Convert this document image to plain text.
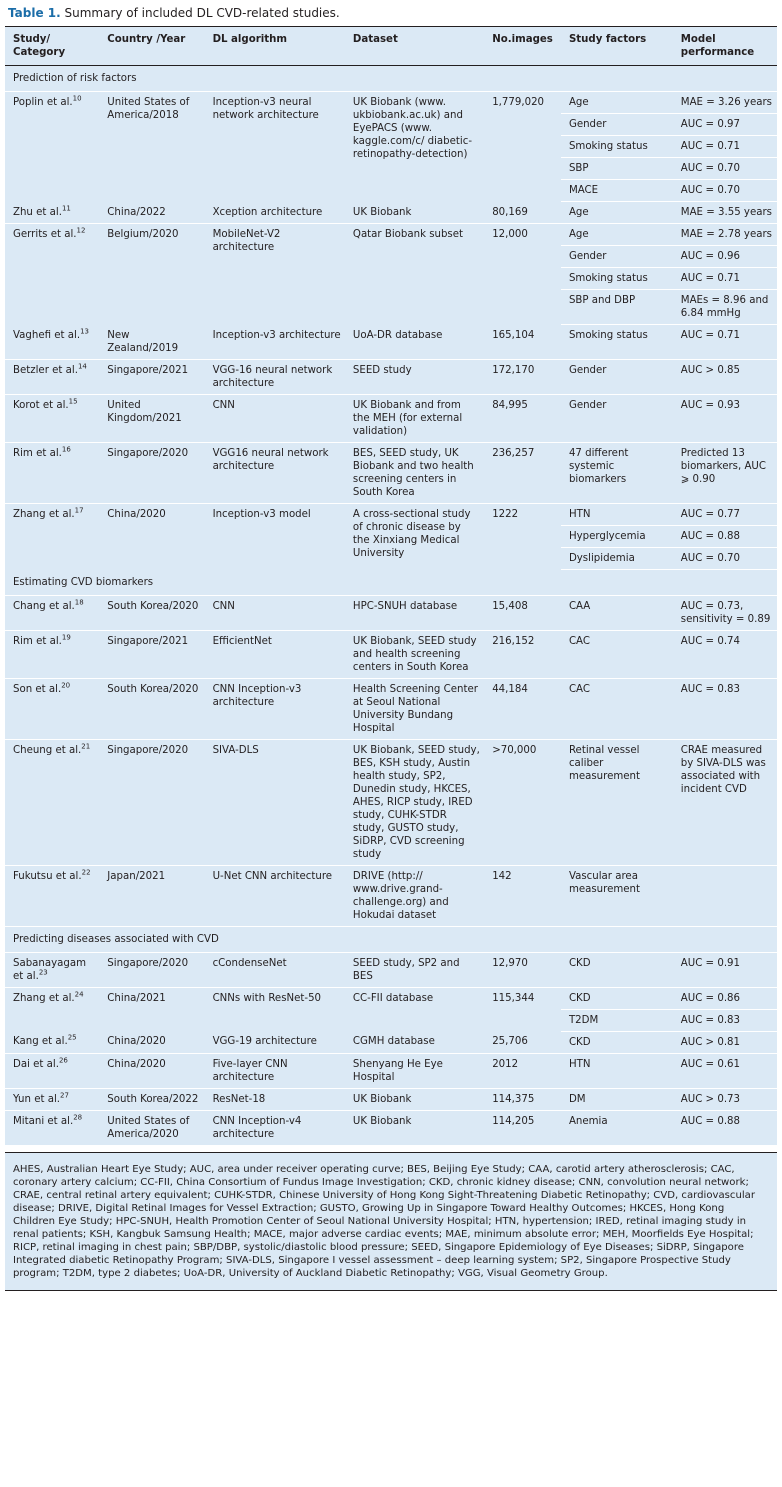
Table 1. Summary of included DL CVD-related studies.
Study/ Category	Country /Year	DL algorithm	Dataset	No.images	Study factors	Model performance
Prediction of risk factors						
Poplin et al.$^{10}$	United States of America/2018	Inception-v3 neural network architecture	UK Biobank (www. ukbiobank.ac.uk) and EyePACS (www. kaggle.com/c/ diabetic-retinopathy-detection)	1,779,020	Age	MAE = 3.26 years
					Gender	AUC = 0.97
					Smoking status	AUC = 0.71
					SBP	AUC = 0.70
					MACE	AUC = 0.70
Zhu et al.$^{11}$	China/2022	Xception architecture	UK Biobank	80,169	Age	MAE = 3.55 years
Gerrits et al.$^{12}$	Belgium/2020	MobileNet-V2 architecture	Qatar Biobank subset	12,000	Age	MAE = 2.78 years
					Gender	AUC = 0.96
					Smoking status	AUC = 0.71
					SBP and DBP	MAEs = 8.96 and 6.84 mmHg
Vaghefi et al.$^{13}$	New Zealand/2019	Inception-v3 architecture	UoA-DR database	165,104	Smoking status	AUC = 0.71
Betzler et al.$^{14}$	Singapore/2021	VGG-16 neural network architecture	SEED study	172,170	Gender	AUC > 0.85
Korot et al.$^{15}$	United Kingdom/2021	CNN	UK Biobank and from the MEH (for external validation)	84,995	Gender	AUC = 0.93
Rim et al.$^{16}$	Singapore/2020	VGG16 neural network architecture	BES, SEED study, UK Biobank and two health screening centers in South Korea	236,257	47 different systemic biomarkers	Predicted 13 biomarkers, AUC ⩾ 0.90
Zhang et al.$^{17}$	China/2020	Inception-v3 model	A cross-sectional study of chronic disease by the Xinxiang Medical University	1222	HTN	AUC = 0.77
					Hyperglycemia	AUC = 0.88
					Dyslipidemia	AUC = 0.70
Estimating CVD biomarkers						
Chang et al.$^{18}$	South Korea/2020	CNN	HPC-SNUH database	15,408	CAA	AUC = 0.73, sensitivity = 0.89
Rim et al.$^{19}$	Singapore/2021	EfficientNet	UK Biobank, SEED study and health screening centers in South Korea	216,152	CAC	AUC = 0.74
Son et al.$^{20}$	South Korea/2020	CNN Inception-v3 architecture	Health Screening Center at Seoul National University Bundang Hospital	44,184	CAC	AUC = 0.83
Cheung et al.$^{21}$	Singapore/2020	SIVA-DLS	UK Biobank, SEED study, BES, KSH study, Austin health study, SP2, Dunedin study, HKCES, AHES, RICP study, IRED study, CUHK-STDR study, GUSTO study, SiDRP, CVD screening study	>70,000	Retinal vessel caliber measurement	CRAE measured by SIVA-DLS was associated with incident CVD
Fukutsu et al.$^{22}$	Japan/2021	U-Net CNN architecture	DRIVE (http:// www.drive.grand-challenge.org) and Hokudai dataset	142	Vascular area measurement	
Predicting diseases associated with CVD						
Sabanayagam et al.$^{23}$	Singapore/2020	cCondenseNet	SEED study, SP2 and BES	12,970	CKD	AUC = 0.91
Zhang et al.$^{24}$	China/2021	CNNs with ResNet-50	CC-FII database	115,344	CKD	AUC = 0.86
					T2DM	AUC = 0.83
Kang et al.$^{25}$	China/2020	VGG-19 architecture	CGMH database	25,706	CKD	AUC > 0.81
Dai et al.$^{26}$	China/2020	Five-layer CNN architecture	Shenyang He Eye Hospital	2012	HTN	AUC = 0.61
Yun et al.$^{27}$	South Korea/2022	ResNet-18	UK Biobank	114,375	DM	AUC > 0.73
Mitani et al.$^{28}$	United States of America/2020	CNN Inception-v4 architecture	UK Biobank	114,205	Anemia	AUC = 0.88
AHES, Australian Heart Eye Study; AUC, area under receiver operating curve; BES, Beijing Eye Study; CAA, carotid artery atherosclerosis; CAC, coronary artery calcium; CC-FII, China Consortium of Fundus Image Investigation; CKD, chronic kidney disease; CNN, convolution neural network; CRAE, central retinal artery equivalent; CUHK-STDR, Chinese University of Hong Kong Sight-Threatening Diabetic Retinopathy; CVD, cardiovascular disease; DRIVE, Digital Retinal Images for Vessel Extraction; GUSTO, Growing Up in Singapore Toward Healthy Outcomes; HKCES, Hong Kong Children Eye Study; HPC-SNUH, Health Promotion Center of Seoul National University Hospital; HTN, hypertension; IRED, retinal imaging study in renal patients; KSH, Kangbuk Samsung Health; MACE, major adverse cardiac events; MAE, minimum absolute error; MEH, Moorfields Eye Hospital; RICP, retinal imaging in chest pain; SBP/DBP, systolic/diastolic blood pressure; SEED, Singapore Epidemiology of Eye Diseases; SiDRP, Singapore Integrated diabetic Retinopathy Program; SIVA-DLS, Singapore I vessel assessment – deep learning system; SP2, Singapore Prospective Study program; T2DM, type 2 diabetes; UoA-DR, University of Auckland Diabetic Retinopathy; VGG, Visual Geometry Group.
